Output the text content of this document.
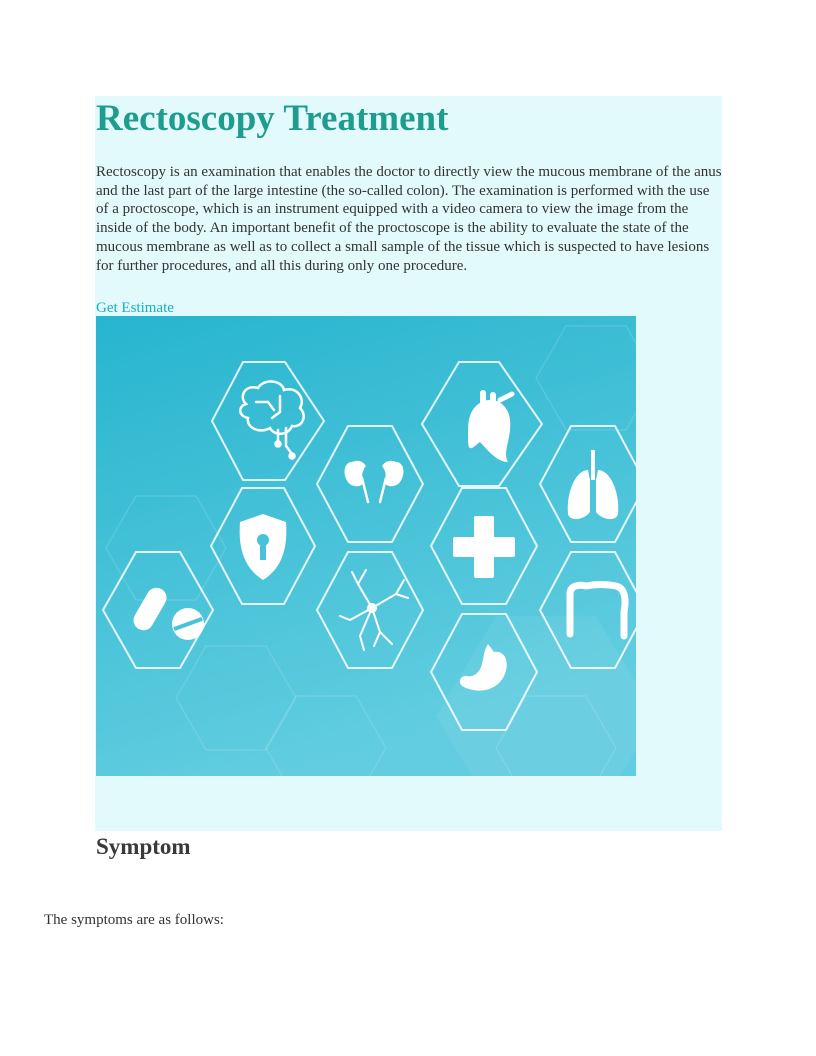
Rectoscopy Treatment

Rectoscopy is an examination that enables the doctor to directly view the mucous membrane of the anus and the last part of the large intestine (the so-called colon). The examination is performed with the use of a proctoscope, which is an instrument equipped with a video camera to view the image from the inside of the body. An important benefit of the proctoscope is the ability to evaluate the state of the mucous membrane as well as to collect a small sample of the tissue which is suspected to have lesions for further procedures, and all this during only one procedure.

Get Estimate
Symptom

The symptoms are as follows:
